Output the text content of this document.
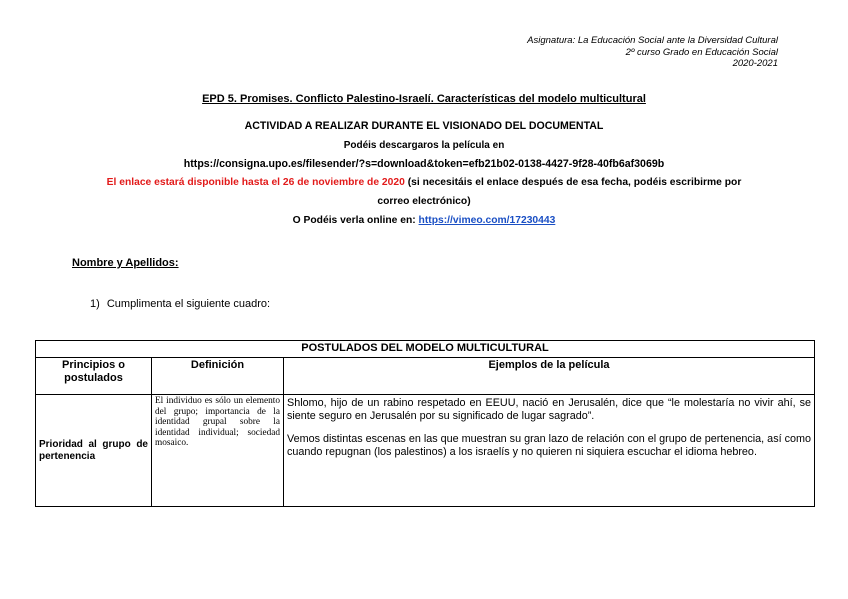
Asignatura: La Educación Social ante la Diversidad Cultural
2º curso Grado en Educación Social
2020-2021
EPD 5. Promises. Conflicto Palestino-Israelí. Características del modelo multicultural
ACTIVIDAD A REALIZAR DURANTE EL VISIONADO DEL DOCUMENTAL
Podéis descargaros la película en
https://consigna.upo.es/filesender/?s=download&token=efb21b02-0138-4427-9f28-40fb6af3069b
El enlace estará disponible hasta el 26 de noviembre de 2020 (si necesitáis el enlace después de esa fecha, podéis escribirme por
correo electrónico)
O Podéis verla online en: https://vimeo.com/17230443
Nombre y Apellidos:
1) Cumplimenta el siguiente cuadro:
POSTULADOS DEL MODELO MULTICULTURAL		
Principios o postulados	Definición	Ejemplos de la película
Prioridad al grupo de pertenencia	El individuo es sólo un elemento del grupo; importancia de la identidad grupal sobre la identidad individual; sociedad mosaico.	Shlomo, hijo de un rabino respetado en EEUU, nació en Jerusalén, dice que “le molestaría no vivir ahí, se siente seguro en Jerusalén por su significado de lugar sagrado”.

Vemos distintas escenas en las que muestran su gran lazo de relación con el grupo de pertenencia, así como cuando repugnan (los palestinos) a los israelís y no quieren ni siquiera escuchar el idioma hebreo.
